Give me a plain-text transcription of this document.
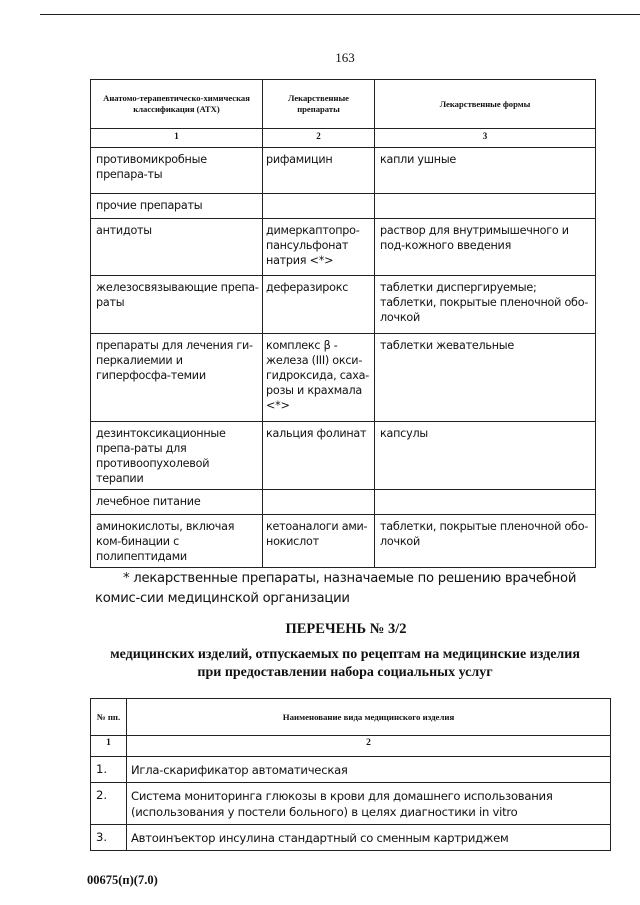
163
Анатомо-терапевтическо-химическая классификация (АТХ)	Лекарственные препараты	Лекарственные формы
1	2	3
противомикробные препара-ты	рифамицин	капли ушные
прочие препараты		
антидоты	димеркаптопро-пансульфонат натрия <*>	раствор для внутримышечного и под-кожного введения
железосвязывающие препа-раты	деферазирокс	таблетки диспергируемые; таблетки, покрытые пленочной обо-лочкой
препараты для лечения ги-перкалиемии и гиперфосфа-темии	комплекс β - железа (III) окси-гидроксида, саха-розы и крахмала <*>	таблетки жевательные
дезинтоксикационные препа-раты для противоопухолевой терапии	кальция фолинат	капсулы
лечебное питание		
аминокислоты, включая ком-бинации с полипептидами	кетоаналоги ами-нокислот	таблетки, покрытые пленочной обо-лочкой
* лекарственные препараты, назначаемые по решению врачебной комис-сии медицинской организации
ПЕРЕЧЕНЬ № 3/2
медицинских изделий, отпускаемых по рецептам на медицинские изделия при предоставлении набора социальных услуг
№ пп.	Наименование вида медицинского изделия
1	2
1.	Игла-скарификатор автоматическая
2.	Система мониторинга глюкозы в крови для домашнего использования (использования у постели больного) в целях диагностики in vitro
3.	Автоинъектор инсулина стандартный со сменным картриджем
00675(п)(7.0)
